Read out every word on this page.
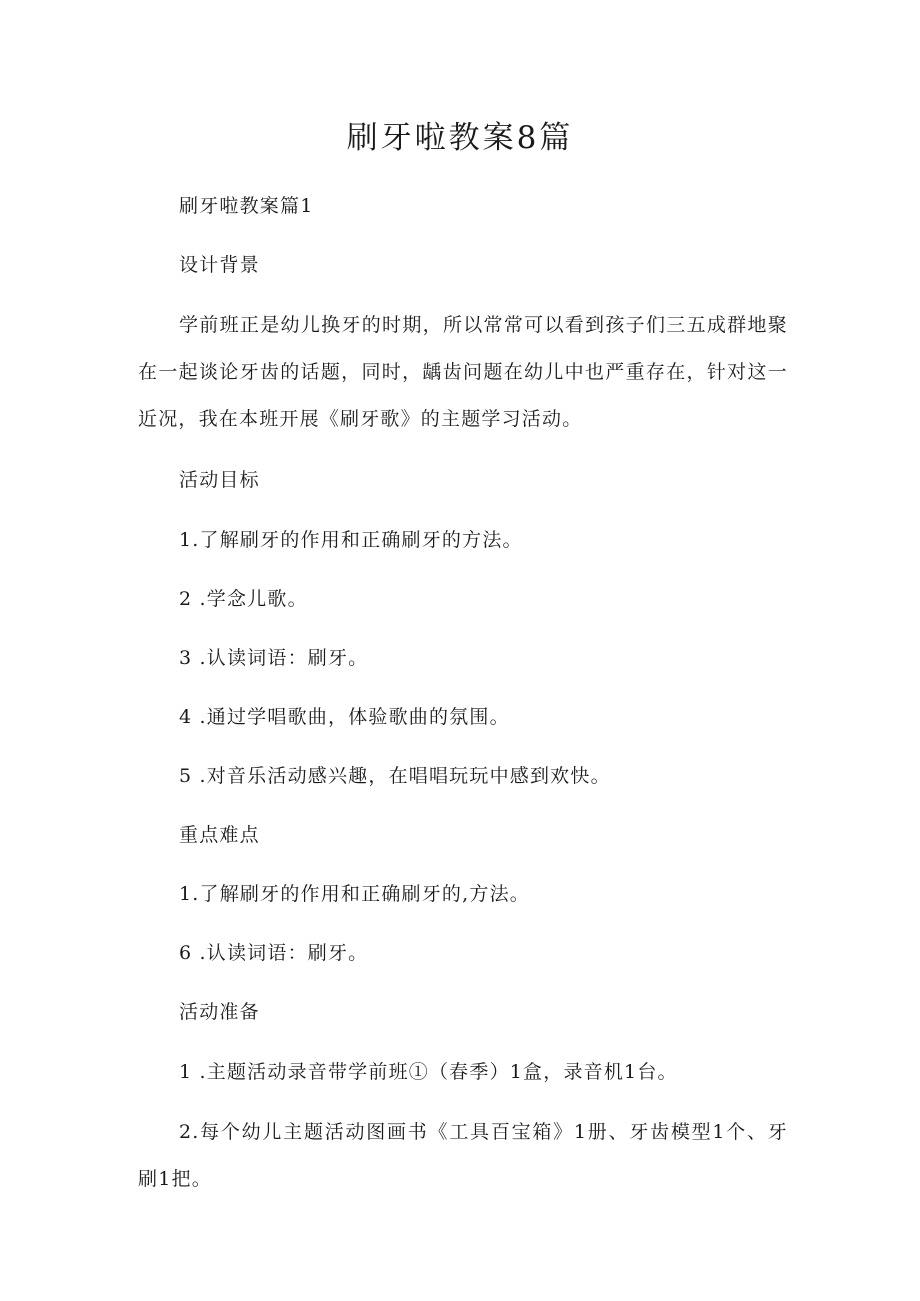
刷牙啦教案8篇

刷牙啦教案篇1

设计背景

学前班正是幼儿换牙的时期，所以常常可以看到孩子们三五成群地聚在一起谈论牙齿的话题，同时，龋齿问题在幼儿中也严重存在，针对这一近况，我在本班开展《刷牙歌》的主题学习活动。

活动目标

1.了解刷牙的作用和正确刷牙的方法。

2 .学念儿歌。

3 .认读词语：刷牙。

4 .通过学唱歌曲，体验歌曲的氛围。

5 .对音乐活动感兴趣，在唱唱玩玩中感到欢快。

重点难点

1.了解刷牙的作用和正确刷牙的,方法。

6 .认读词语：刷牙。

活动准备

1 .主题活动录音带学前班①（春季）1盒，录音机1台。

2.每个幼儿主题活动图画书《工具百宝箱》1册、牙齿模型1个、牙刷1把。
